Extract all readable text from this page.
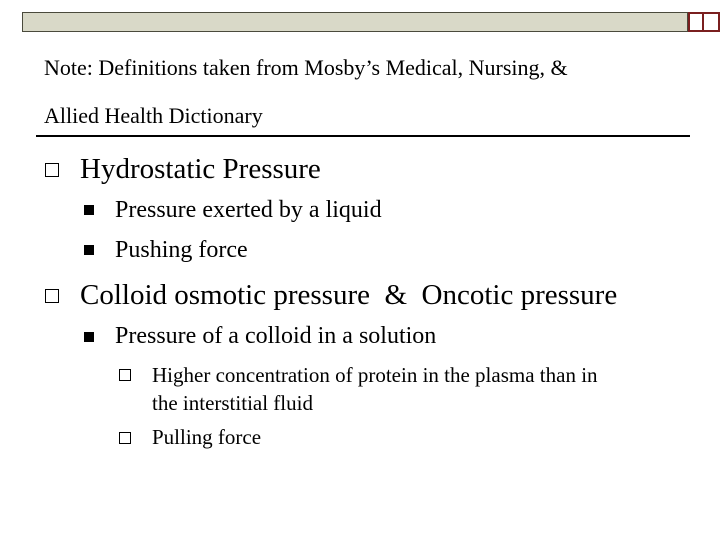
Note: Definitions taken from Mosby’s Medical, Nursing, &
Allied Health Dictionary

Hydrostatic Pressure

Pressure exerted by a liquid

Pushing force

Colloid osmotic pressure  &  Oncotic pressure

Pressure of a colloid in a solution

Higher concentration of protein in the plasma than in
the interstitial fluid

Pulling force
